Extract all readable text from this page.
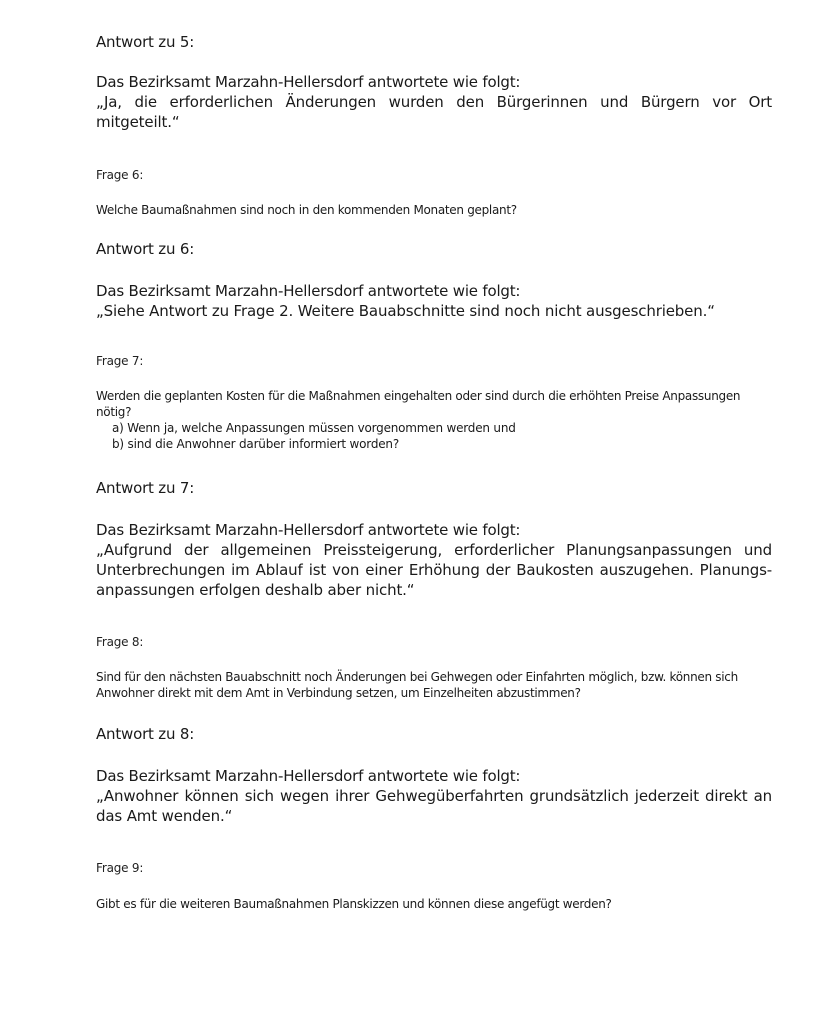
Antwort zu 5:

Das Bezirksamt Marzahn-Hellersdorf antwortete wie folgt:

„Ja, die erforderlichen Änderungen wurden den Bürgerinnen und Bürgern vor Ort mitgeteilt.“

Frage 6:

Welche Baumaßnahmen sind noch in den kommenden Monaten geplant?

Antwort zu 6:

Das Bezirksamt Marzahn-Hellersdorf antwortete wie folgt:

„Siehe Antwort zu Frage 2. Weitere Bauabschnitte sind noch nicht ausgeschrieben.“

Frage 7:

Werden die geplanten Kosten für die Maßnahmen eingehalten oder sind durch die erhöhten Preise Anpassungen nötig?

a) Wenn ja, welche Anpassungen müssen vorgenommen werden und
b) sind die Anwohner darüber informiert worden?

Antwort zu 7:

Das Bezirksamt Marzahn-Hellersdorf antwortete wie folgt:

„Aufgrund der allgemeinen Preissteigerung, erforderlicher Planungsanpassungen und Unterbrechungen im Ablauf ist von einer Erhöhung der Baukosten auszugehen. Planungs-anpassungen erfolgen deshalb aber nicht.“

Frage 8:

Sind für den nächsten Bauabschnitt noch Änderungen bei Gehwegen oder Einfahrten möglich, bzw. können sich Anwohner direkt mit dem Amt in Verbindung setzen, um Einzelheiten abzustimmen?

Antwort zu 8:

Das Bezirksamt Marzahn-Hellersdorf antwortete wie folgt:

„Anwohner können sich wegen ihrer Gehwegüberfahrten grundsätzlich jederzeit direkt an das Amt wenden.“

Frage 9:

Gibt es für die weiteren Baumaßnahmen Planskizzen und können diese angefügt werden?
